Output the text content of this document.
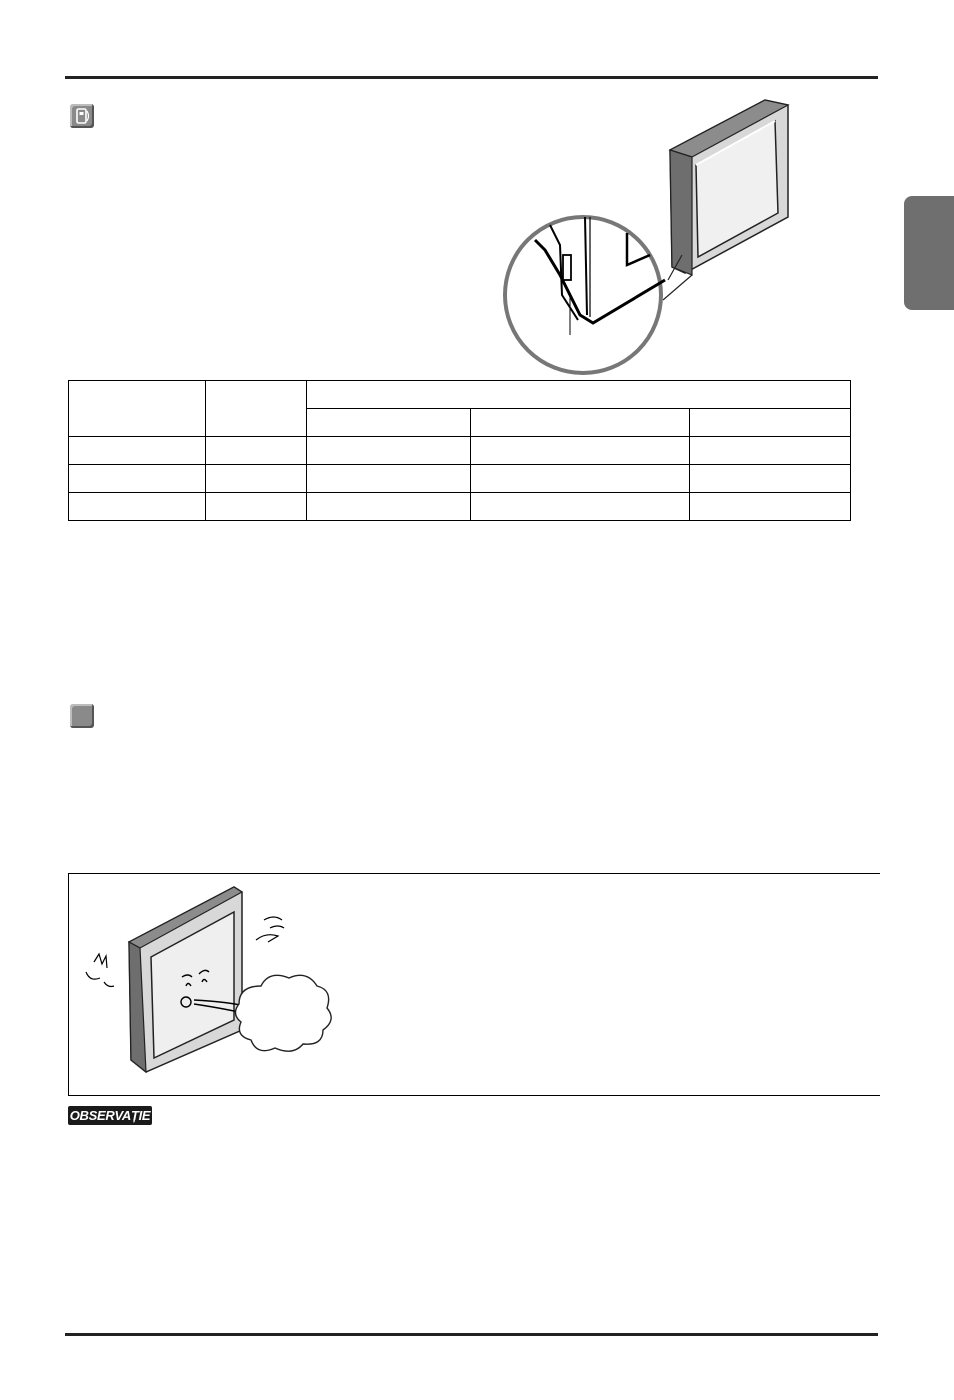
OBSERVAȚIE
